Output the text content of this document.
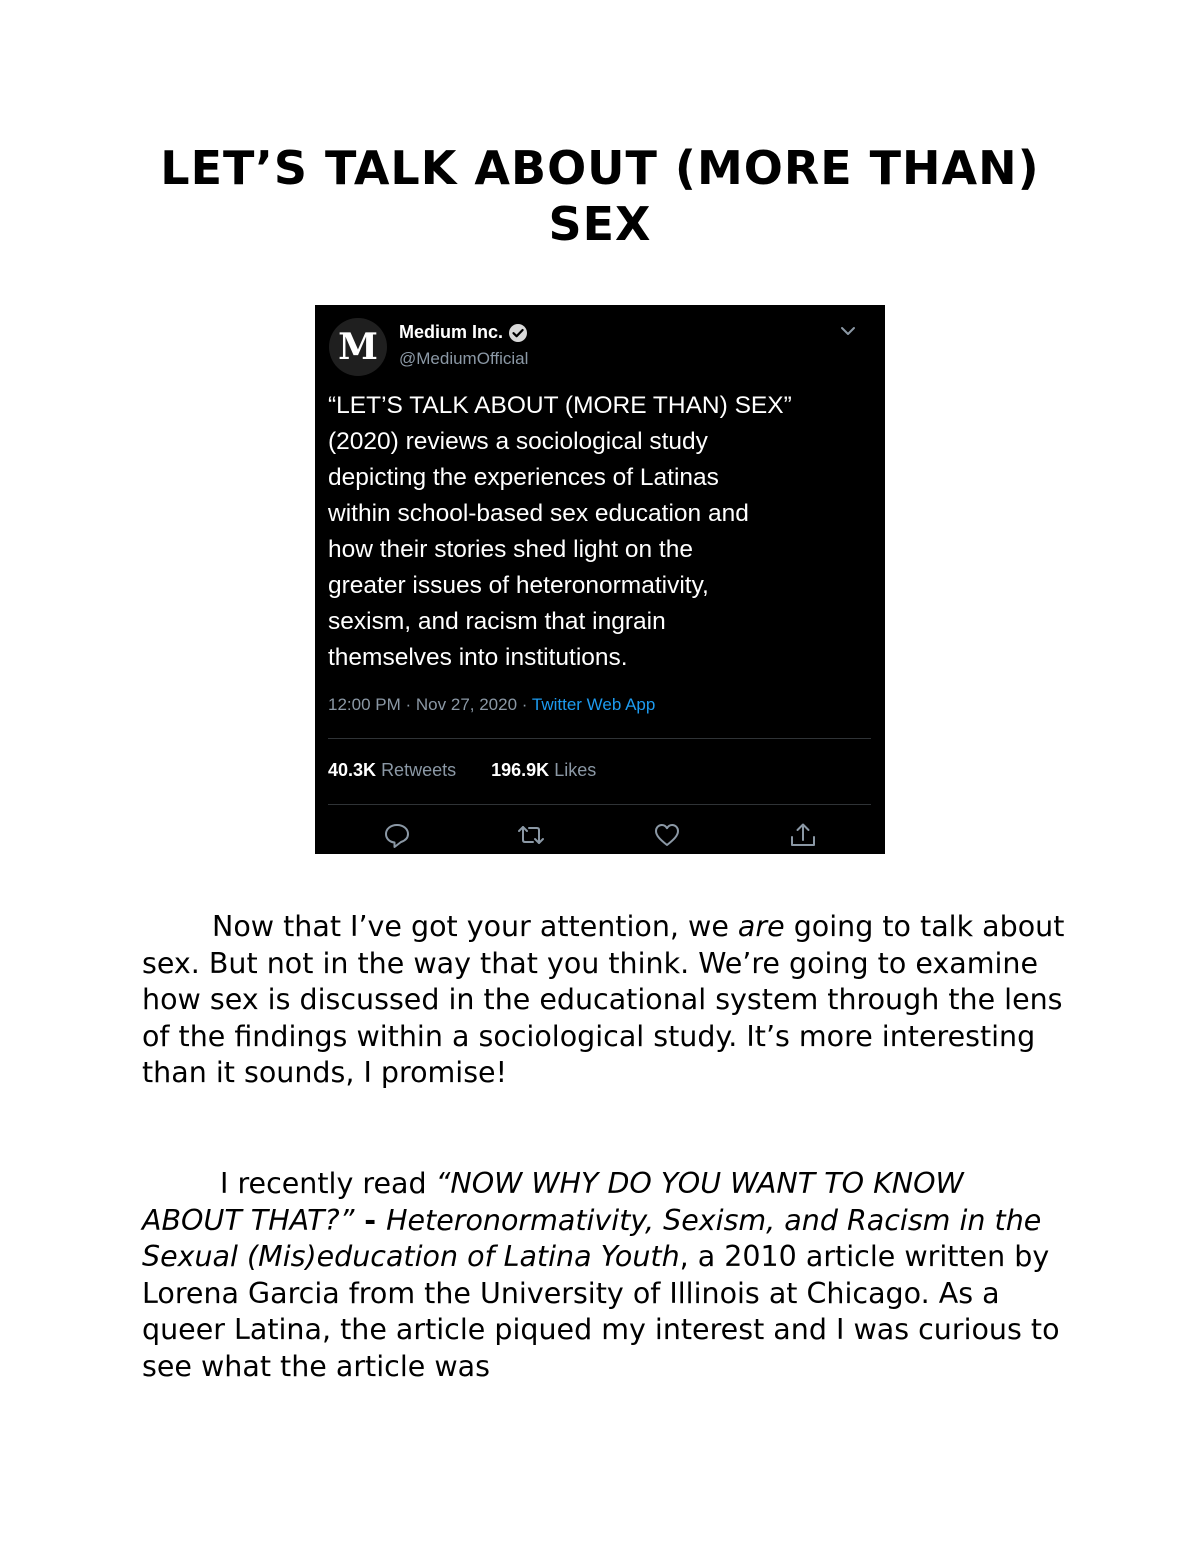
LET’S TALK ABOUT (MORE THAN)
SEX
M	Medium Inc.
@MediumOfficial

“LET’S TALK ABOUT (MORE THAN) SEX”
(2020) reviews a sociological study
depicting the experiences of Latinas
within school-based sex education and
how their stories shed light on the
greater issues of heteronormativity,
sexism, and racism that ingrain
themselves into institutions.

12:00 PM · Nov 27, 2020 · Twitter Web App
40.3K Retweets 196.9K Likes

Now that I’ve got your attention, we are going to talk about sex. But not in the way that you think. We’re going to examine how sex is discussed in the educational system through the lens of the findings within a sociological study. It’s more interesting than it sounds, I promise!

I recently read “NOW WHY DO YOU WANT TO KNOW ABOUT THAT?” - Heteronormativity, Sexism, and Racism in the Sexual (Mis)education of Latina Youth, a 2010 article written by Lorena Garcia from the University of Illinois at Chicago. As a queer Latina, the article piqued my interest and I was curious to see what the article was
